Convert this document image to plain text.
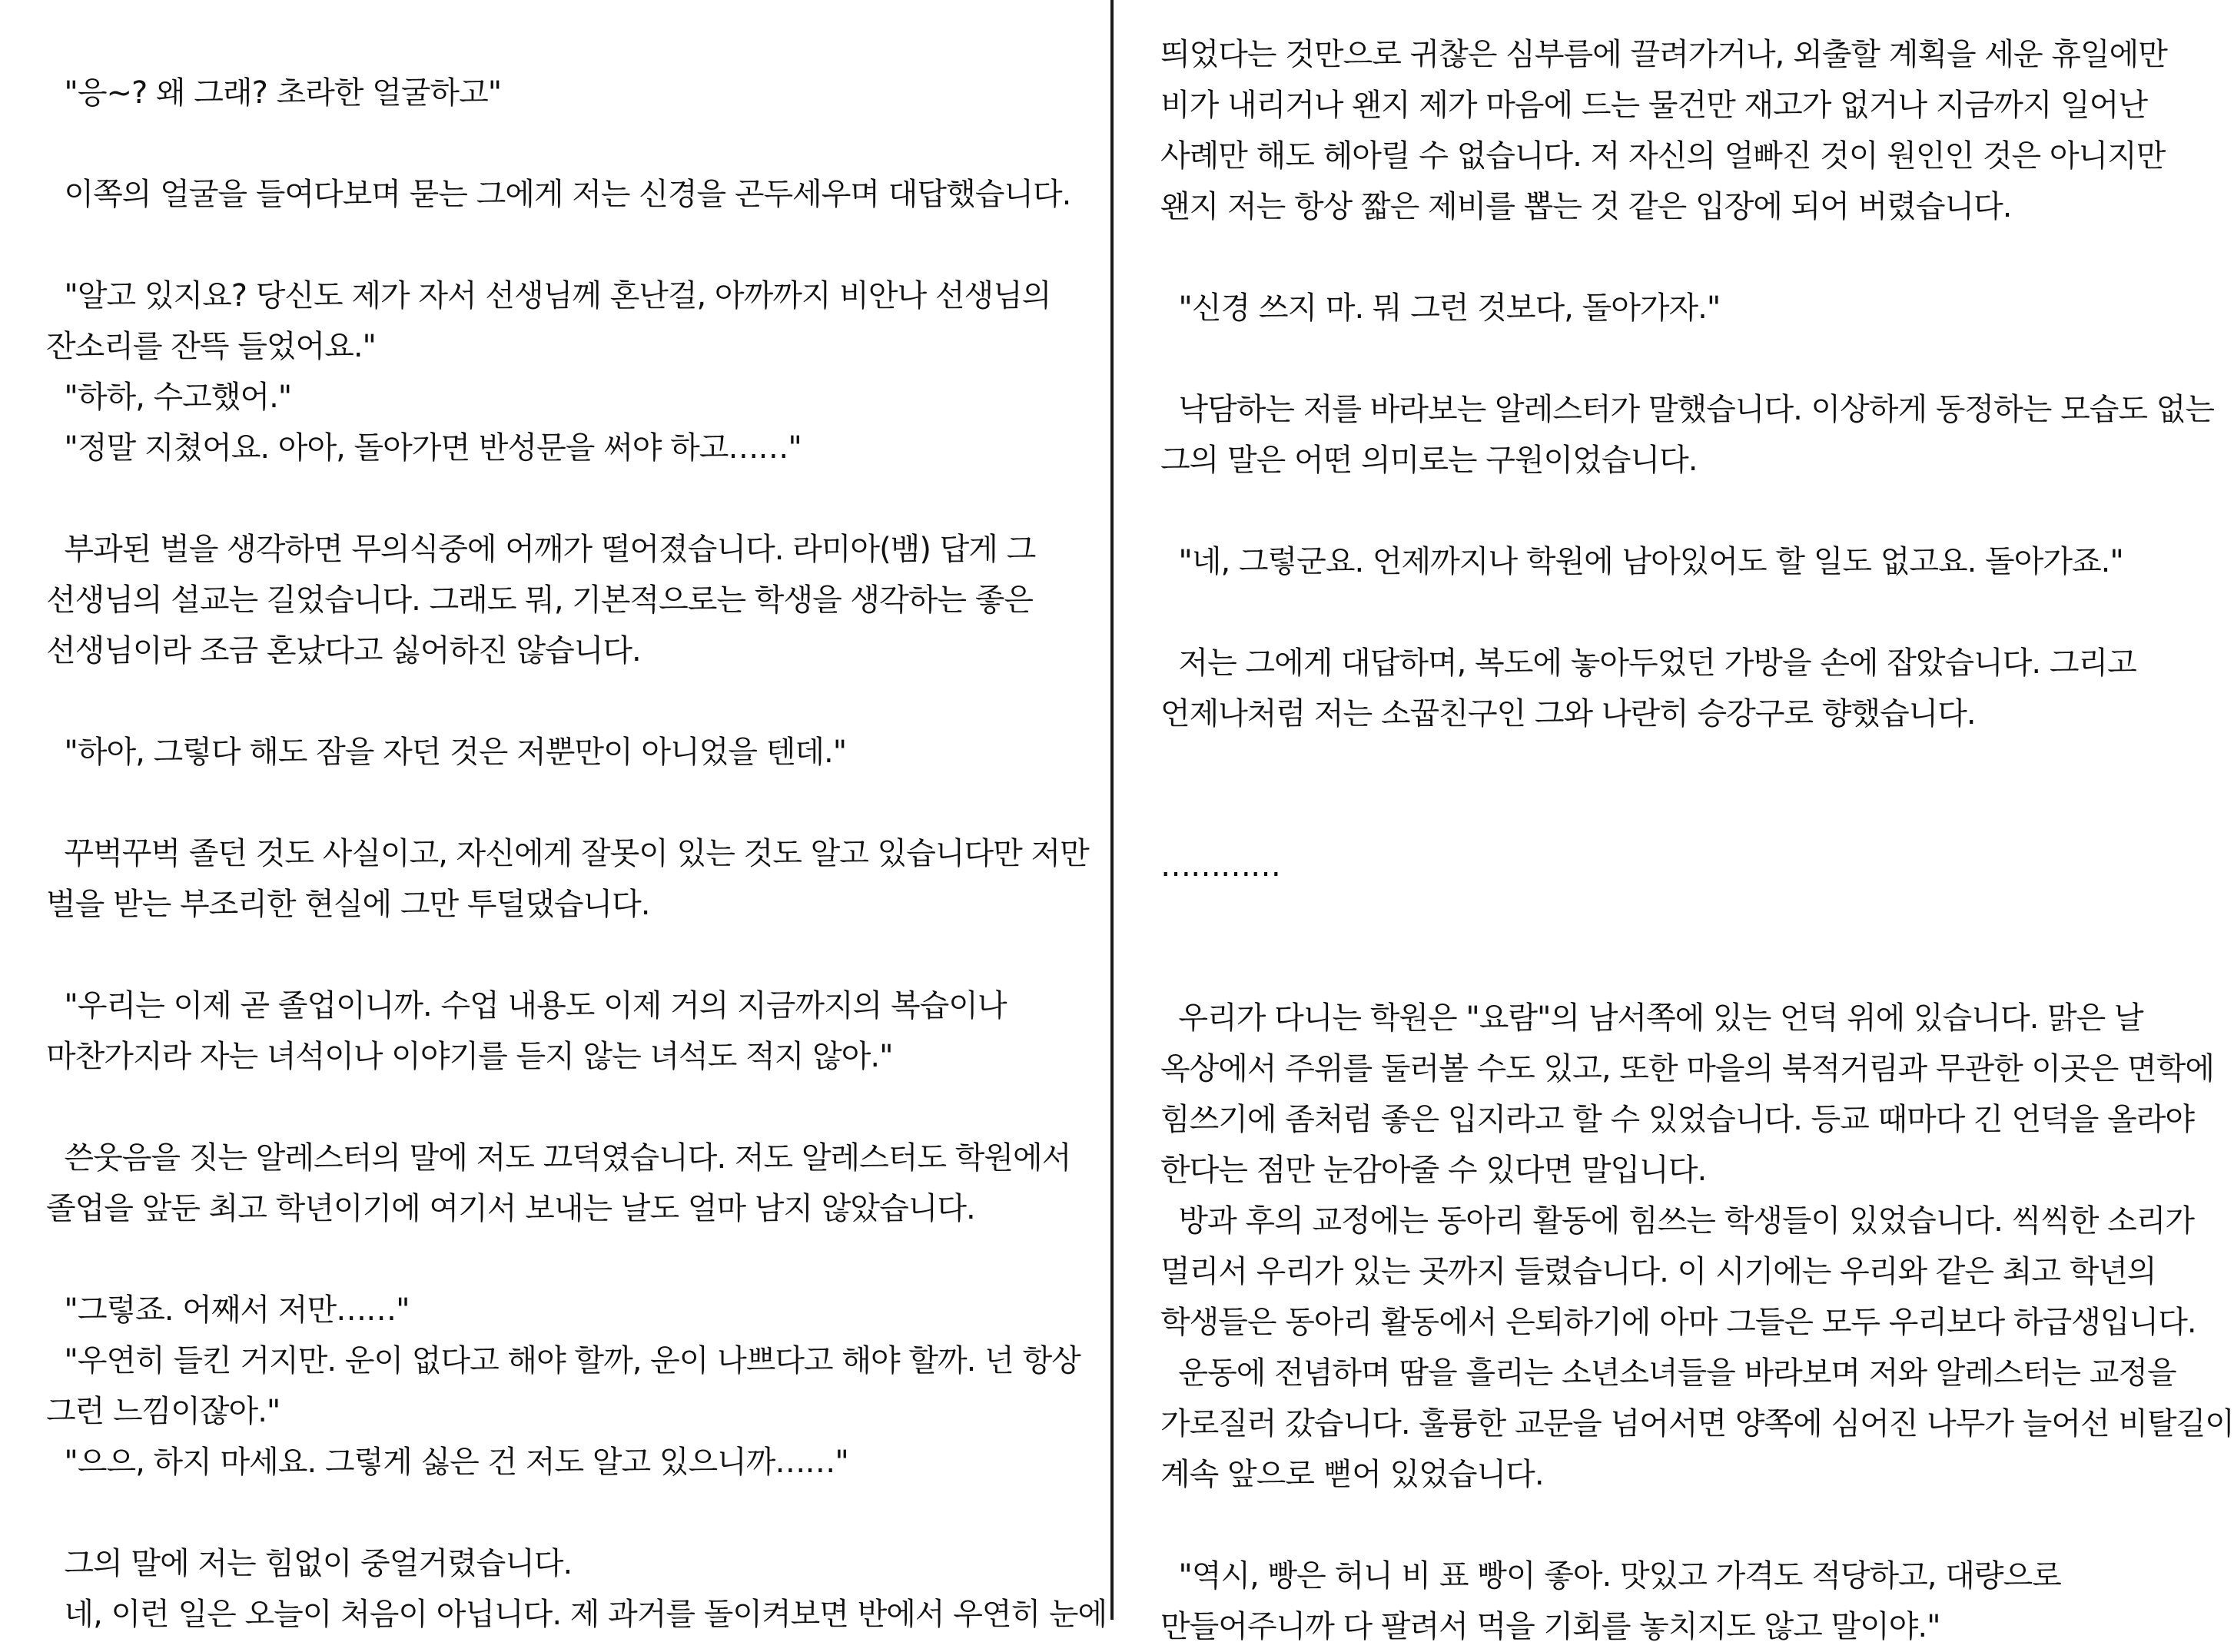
"응~? 왜 그래? 초라한 얼굴하고"
이쪽의 얼굴을 들여다보며 묻는 그에게 저는 신경을 곤두세우며 대답했습니다.
"알고 있지요? 당신도 제가 자서 선생님께 혼난걸, 아까까지 비안나 선생님의
잔소리를 잔뜩 들었어요."
"하하, 수고했어."
"정말 지쳤어요. 아아, 돌아가면 반성문을 써야 하고……"
부과된 벌을 생각하면 무의식중에 어깨가 떨어졌습니다. 라미아(뱀) 답게 그
선생님의 설교는 길었습니다. 그래도 뭐, 기본적으로는 학생을 생각하는 좋은
선생님이라 조금 혼났다고 싫어하진 않습니다.
"하아, 그렇다 해도 잠을 자던 것은 저뿐만이 아니었을 텐데."
꾸벅꾸벅 졸던 것도 사실이고, 자신에게 잘못이 있는 것도 알고 있습니다만 저만
벌을 받는 부조리한 현실에 그만 투덜댔습니다.
"우리는 이제 곧 졸업이니까. 수업 내용도 이제 거의 지금까지의 복습이나
마찬가지라 자는 녀석이나 이야기를 듣지 않는 녀석도 적지 않아."
쓴웃음을 짓는 알레스터의 말에 저도 끄덕였습니다. 저도 알레스터도 학원에서
졸업을 앞둔 최고 학년이기에 여기서 보내는 날도 얼마 남지 않았습니다.
"그렇죠. 어째서 저만……"
"우연히 들킨 거지만. 운이 없다고 해야 할까, 운이 나쁘다고 해야 할까. 넌 항상
그런 느낌이잖아."
"으으, 하지 마세요. 그렇게 싫은 건 저도 알고 있으니까……"
그의 말에 저는 힘없이 중얼거렸습니다.
네, 이런 일은 오늘이 처음이 아닙니다. 제 과거를 돌이켜보면 반에서 우연히 눈에
띄었다는 것만으로 귀찮은 심부름에 끌려가거나, 외출할 계획을 세운 휴일에만
비가 내리거나 왠지 제가 마음에 드는 물건만 재고가 없거나 지금까지 일어난
사례만 해도 헤아릴 수 없습니다. 저 자신의 얼빠진 것이 원인인 것은 아니지만
왠지 저는 항상 짧은 제비를 뽑는 것 같은 입장에 되어 버렸습니다.
"신경 쓰지 마. 뭐 그런 것보다, 돌아가자."
낙담하는 저를 바라보는 알레스터가 말했습니다. 이상하게 동정하는 모습도 없는
그의 말은 어떤 의미로는 구원이었습니다.
"네, 그렇군요. 언제까지나 학원에 남아있어도 할 일도 없고요. 돌아가죠."
저는 그에게 대답하며, 복도에 놓아두었던 가방을 손에 잡았습니다. 그리고
언제나처럼 저는 소꿉친구인 그와 나란히 승강구로 향했습니다.
…………
우리가 다니는 학원은 "요람"의 남서쪽에 있는 언덕 위에 있습니다. 맑은 날
옥상에서 주위를 둘러볼 수도 있고, 또한 마을의 북적거림과 무관한 이곳은 면학에
힘쓰기에 좀처럼 좋은 입지라고 할 수 있었습니다. 등교 때마다 긴 언덕을 올라야
한다는 점만 눈감아줄 수 있다면 말입니다.
방과 후의 교정에는 동아리 활동에 힘쓰는 학생들이 있었습니다. 씩씩한 소리가
멀리서 우리가 있는 곳까지 들렸습니다. 이 시기에는 우리와 같은 최고 학년의
학생들은 동아리 활동에서 은퇴하기에 아마 그들은 모두 우리보다 하급생입니다.
운동에 전념하며 땀을 흘리는 소년소녀들을 바라보며 저와 알레스터는 교정을
가로질러 갔습니다. 훌륭한 교문을 넘어서면 양쪽에 심어진 나무가 늘어선 비탈길이
계속 앞으로 뻗어 있었습니다.
"역시, 빵은 허니 비 표 빵이 좋아. 맛있고 가격도 적당하고, 대량으로
만들어주니까 다 팔려서 먹을 기회를 놓치지도 않고 말이야."
